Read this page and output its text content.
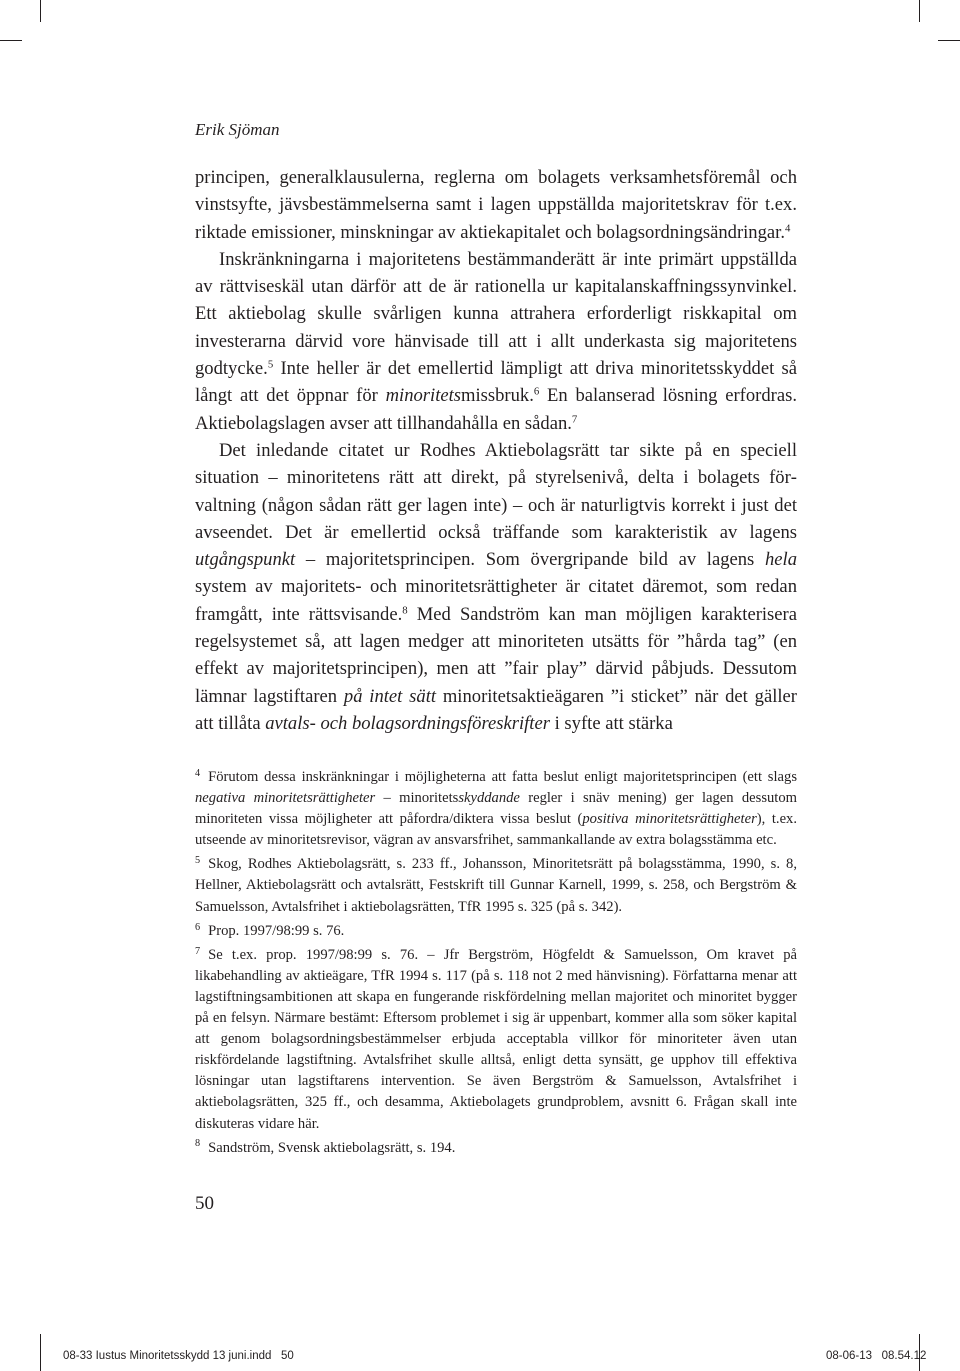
Erik Sjöman

principen, generalklausulerna, reglerna om bolagets verksamhetsföremål och vinstsyfte, jävsbestämmelserna samt i lagen uppställda majoritetskrav för t.ex. riktade emissioner, minskningar av aktiekapitalet och bolagsordningsändringar.$^4$

Inskränkningarna i majoritetens bestämmanderätt är inte primärt uppställda av rättviseskäl utan därför att de är rationella ur kapitalanskaffningssynvinkel. Ett aktiebolag skulle svårligen kunna attrahera erforderligt riskkapital om investerarna därvid vore hänvisade till att i allt underkasta sig majoritetens godtycke.$^5$ Inte heller är det emellertid lämpligt att driva minoritetsskyddet så långt att det öppnar för minoritetsmissbruk.$^6$ En balanserad lösning erfordras. Aktiebolagslagen avser att tillhandahålla en sådan.$^7$

Det inledande citatet ur Rodhes Aktiebolagsrätt tar sikte på en speciell situation – minoritetens rätt att direkt, på styrelsenivå, delta i bolagets förvaltning (någon sådan rätt ger lagen inte) – och är naturligtvis korrekt i just det avseendet. Det är emellertid också träffande som karakteristik av lagens utgångspunkt – majoritetsprincipen. Som övergripande bild av lagens hela system av majoritets- och minoritetsrättigheter är citatet däremot, som redan framgått, inte rättsvisande.$^8$ Med Sandström kan man möjligen karakterisera regelsystemet så, att lagen medger att minoriteten utsätts för ”hårda tag” (en effekt av majoritetsprincipen), men att ”fair play” därvid påbjuds. Dessutom lämnar lagstiftaren på intet sätt minoritetsaktieägaren ”i sticket” när det gäller att tillåta avtals- och bolagsordningsföreskrifter i syfte att stärka

$^4$ Förutom dessa inskränkningar i möjligheterna att fatta beslut enligt majoritetsprincipen (ett slags negativa minoritetsrättigheter – minoritetsskyddande regler i snäv mening) ger lagen dessutom minoriteten vissa möjligheter att påfordra/diktera vissa beslut (positiva minoritetsrättigheter), t.ex. utseende av minoritetsrevisor, vägran av ansvarsfrihet, sammankallande av extra bolagsstämma etc.

$^5$ Skog, Rodhes Aktiebolagsrätt, s. 233 ff., Johansson, Minoritetsrätt på bolagsstämma, 1990, s. 8, Hellner, Aktiebolagsrätt och avtalsrätt, Festskrift till Gunnar Karnell, 1999, s. 258, och Bergström & Samuelsson, Avtalsfrihet i aktiebolagsrätten, TfR 1995 s. 325 (på s. 342).

$^6$ Prop. 1997/98:99 s. 76.

$^7$ Se t.ex. prop. 1997/98:99 s. 76. – Jfr Bergström, Högfeldt & Samuelsson, Om kravet på likabehandling av aktieägare, TfR 1994 s. 117 (på s. 118 not 2 med hänvisning). Författarna menar att lagstiftningsambitionen att skapa en fungerande riskfördelning mellan majoritet och minoritet bygger på en felsyn. Närmare bestämt: Eftersom problemet i sig är uppenbart, kommer alla som söker kapital att genom bolagsordningsbestämmelser erbjuda acceptabla villkor för minoriteter även utan riskfördelande lagstiftning. Avtalsfrihet skulle alltså, enligt detta synsätt, ge upphov till effektiva lösningar utan lagstiftarens intervention. Se även Bergström & Samuelsson, Avtalsfrihet i aktiebolagsrätten, 325 ff., och desamma, Aktiebolagets grundproblem, avsnitt 6. Frågan skall inte diskuteras vidare här.

$^8$ Sandström, Svensk aktiebolagsrätt, s. 194.

50
08-33 Iustus Minoritetsskydd 13 juni.indd   50	08-06-13   08.54.12
